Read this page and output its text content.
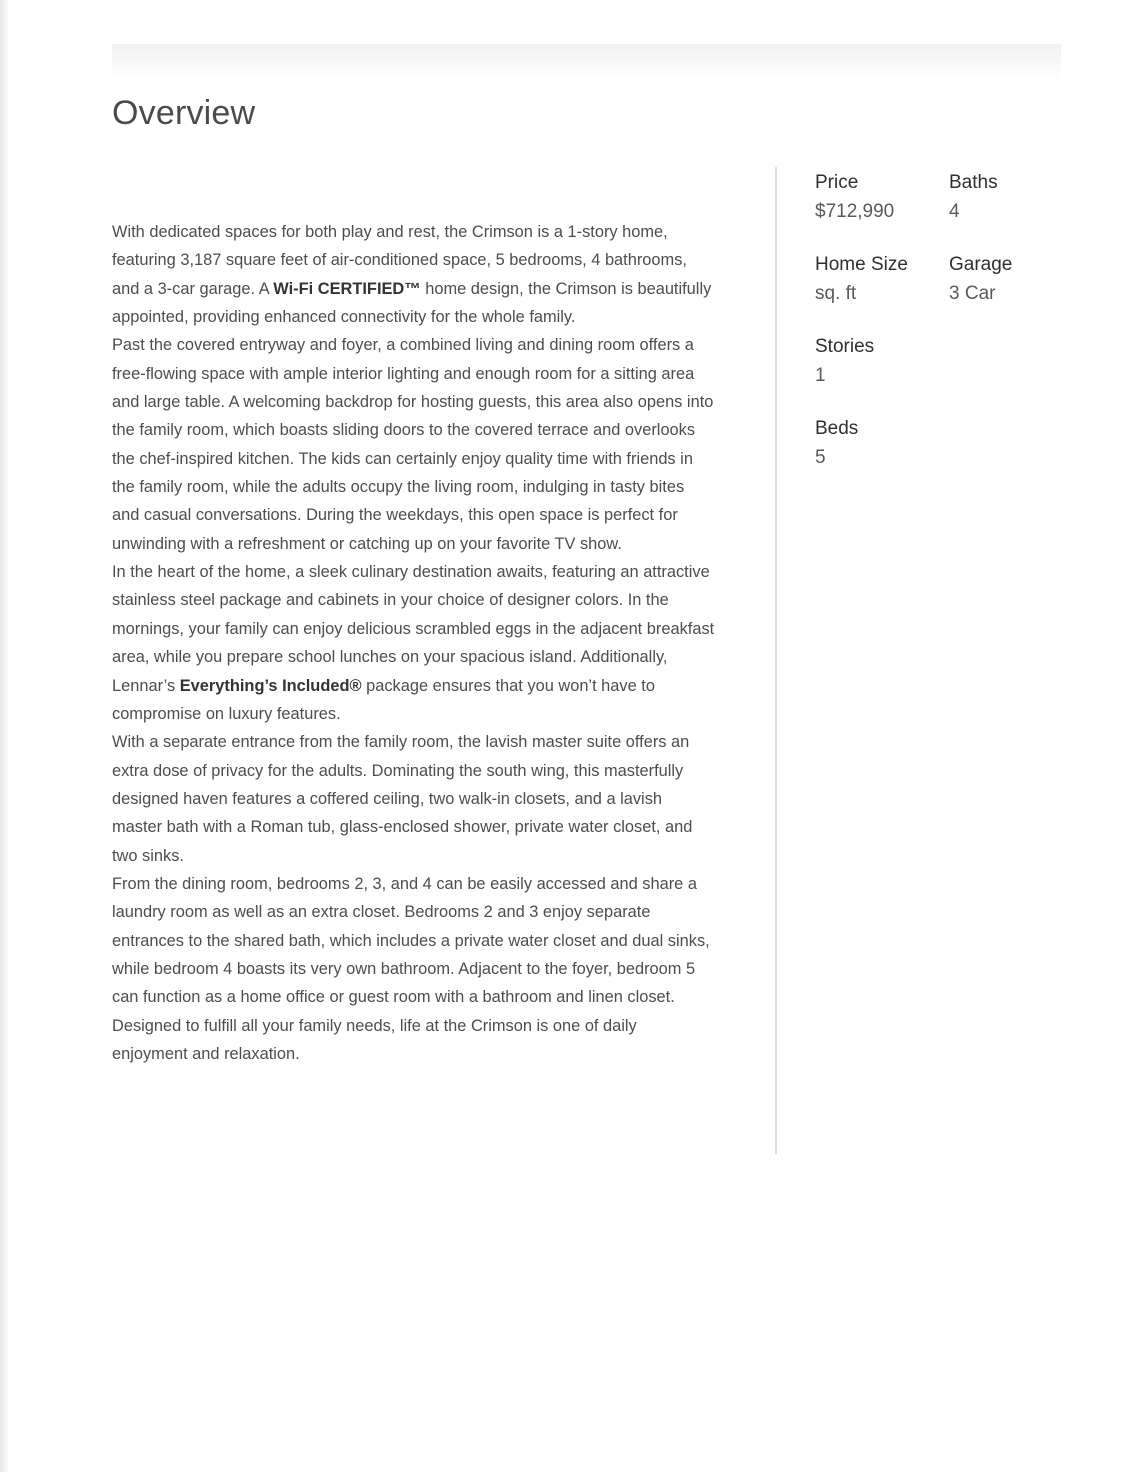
Overview

With dedicated spaces for both play and rest, the Crimson is a 1-story home, featuring 3,187 square feet of air-conditioned space, 5 bedrooms, 4 bathrooms, and a 3-car garage. A Wi-Fi CERTIFIED™ home design, the Crimson is beautifully appointed, providing enhanced connectivity for the whole family.

Past the covered entryway and foyer, a combined living and dining room offers a free-flowing space with ample interior lighting and enough room for a sitting area and large table. A welcoming backdrop for hosting guests, this area also opens into the family room, which boasts sliding doors to the covered terrace and overlooks the chef-inspired kitchen. The kids can certainly enjoy quality time with friends in the family room, while the adults occupy the living room, indulging in tasty bites and casual conversations. During the weekdays, this open space is perfect for unwinding with a refreshment or catching up on your favorite TV show.

In the heart of the home, a sleek culinary destination awaits, featuring an attractive stainless steel package and cabinets in your choice of designer colors. In the mornings, your family can enjoy delicious scrambled eggs in the adjacent breakfast area, while you prepare school lunches on your spacious island. Additionally, Lennar’s Everything’s Included® package ensures that you won’t have to compromise on luxury features.

With a separate entrance from the family room, the lavish master suite offers an extra dose of privacy for the adults. Dominating the south wing, this masterfully designed haven features a coffered ceiling, two walk-in closets, and a lavish master bath with a Roman tub, glass-enclosed shower, private water closet, and two sinks.

From the dining room, bedrooms 2, 3, and 4 can be easily accessed and share a laundry room as well as an extra closet. Bedrooms 2 and 3 enjoy separate entrances to the shared bath, which includes a private water closet and dual sinks, while bedroom 4 boasts its very own bathroom. Adjacent to the foyer, bedroom 5 can function as a home office or guest room with a bathroom and linen closet.

Designed to fulfill all your family needs, life at the Crimson is one of daily enjoyment and relaxation.

Price
$712,990
Baths
4
Home Size
sq. ft
Garage
3 Car
Stories
1
Beds
5
